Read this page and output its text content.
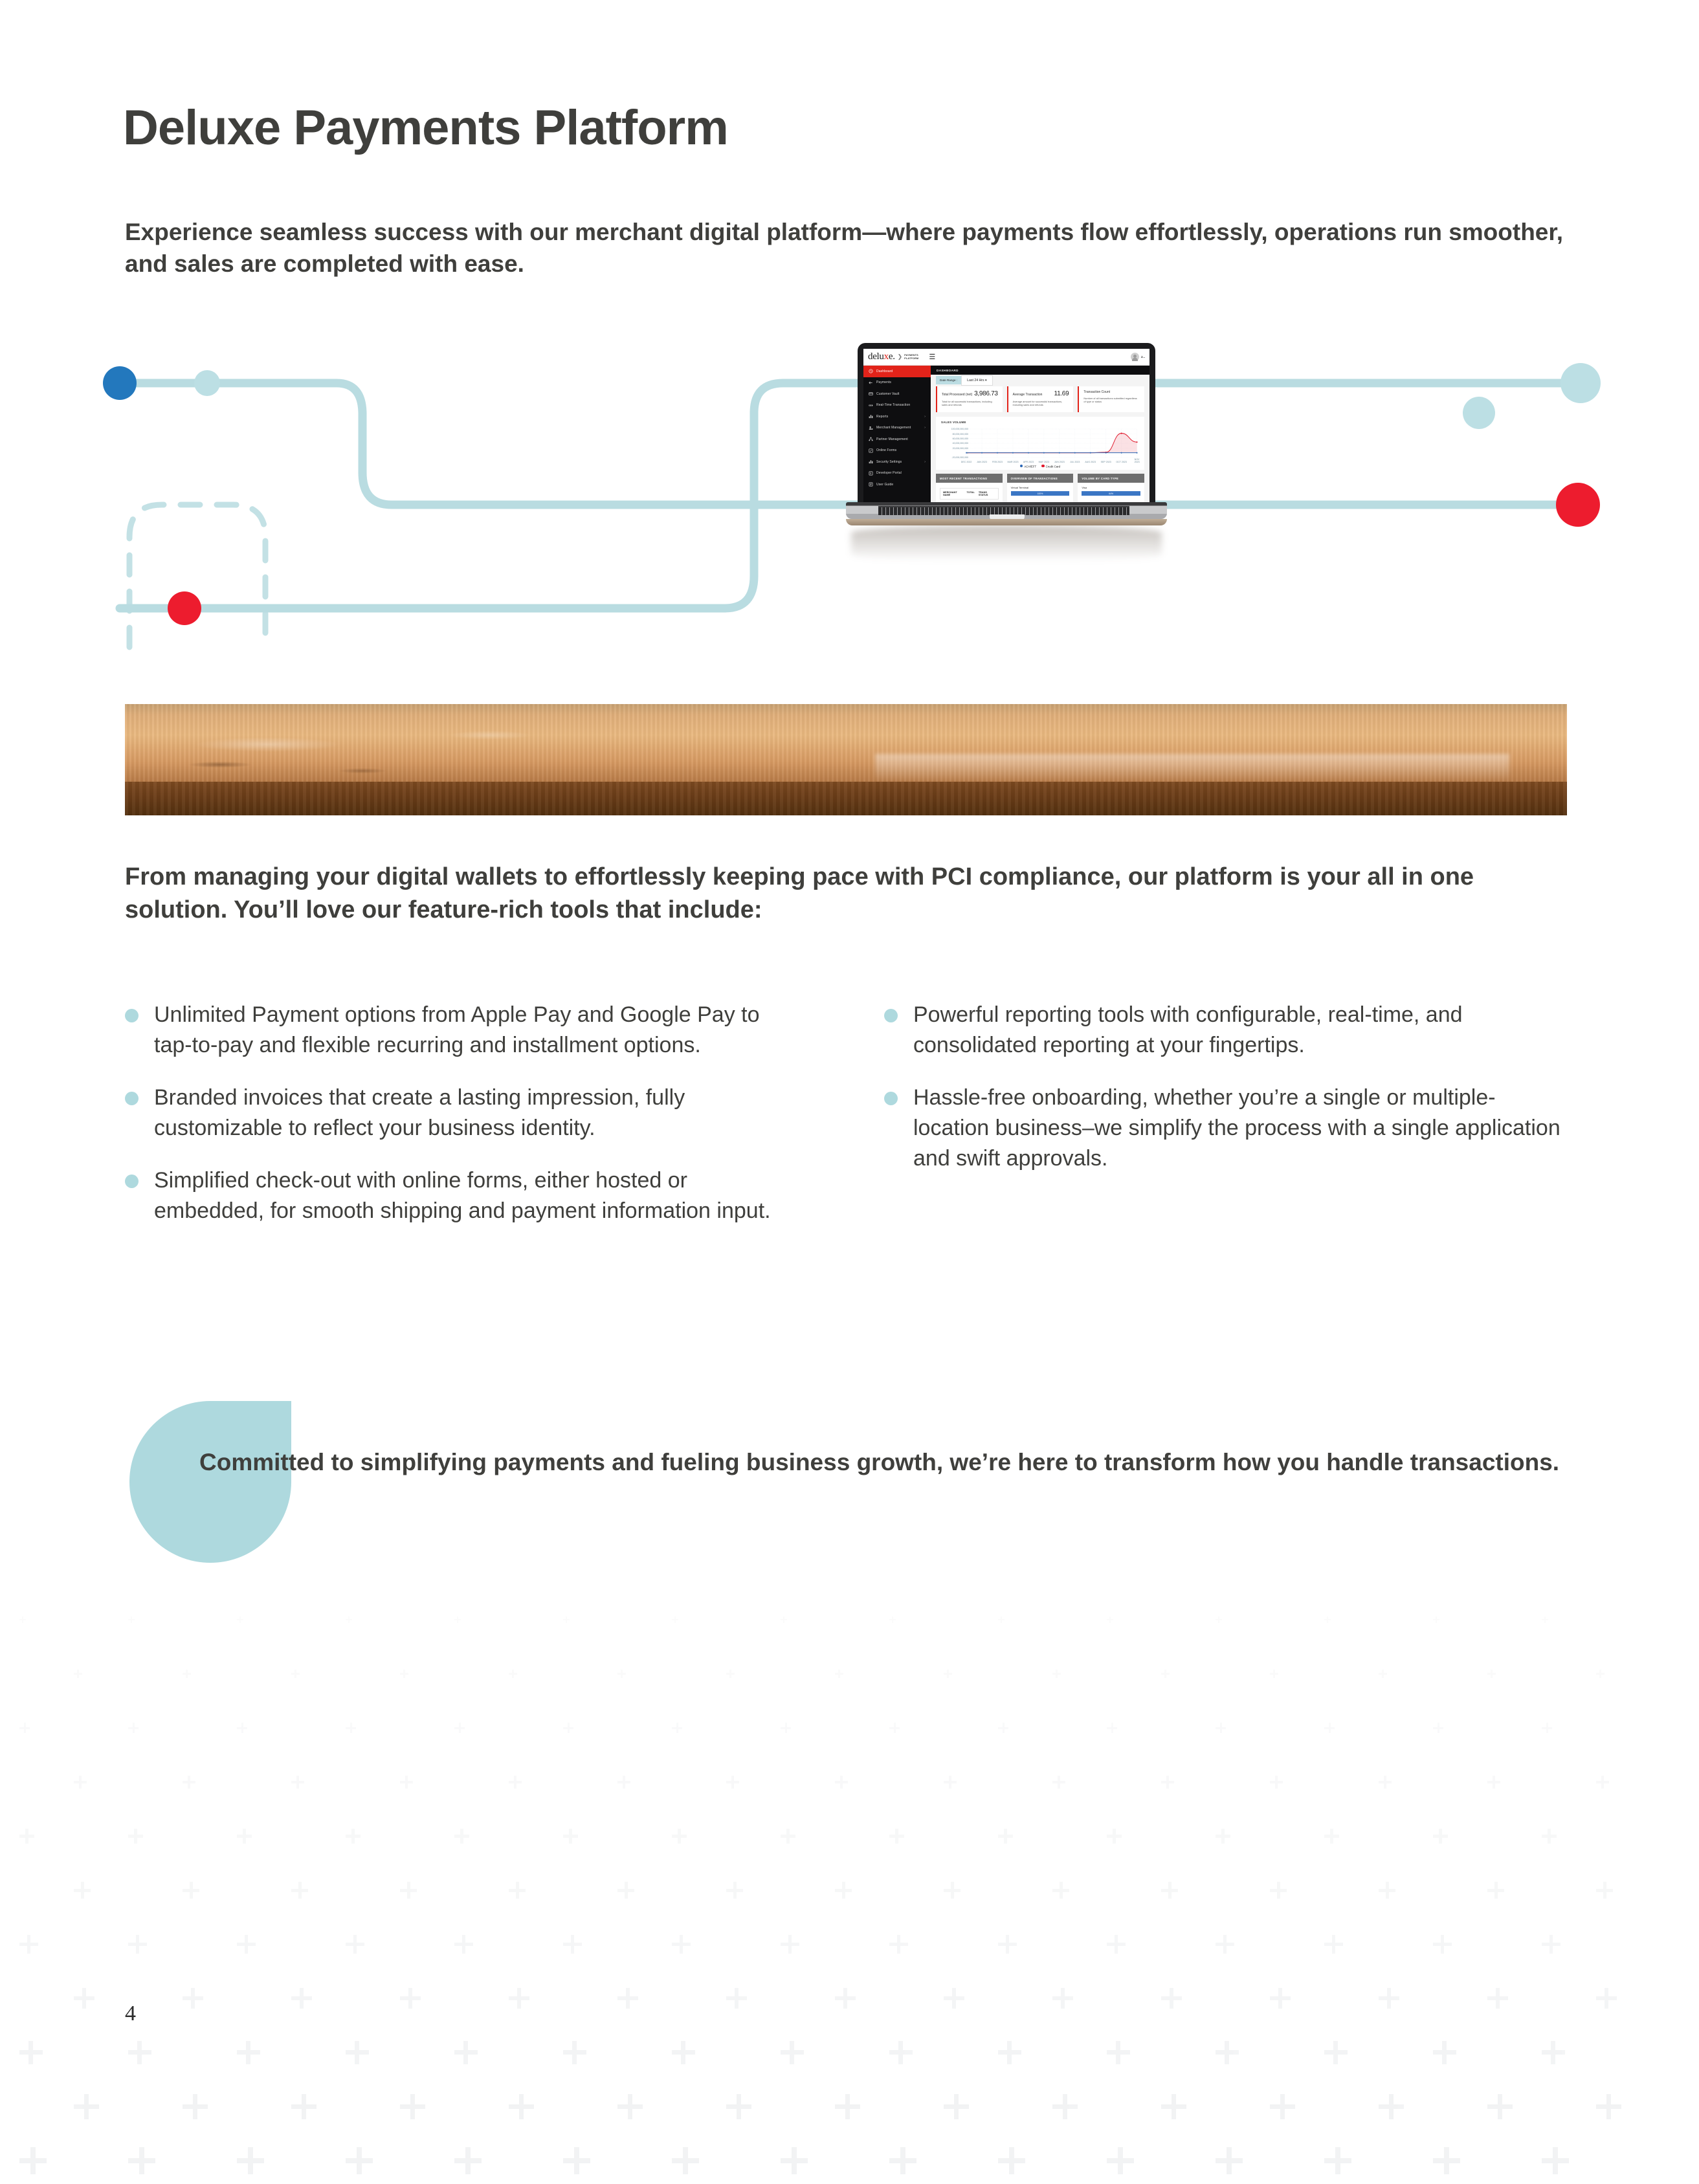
Deluxe Payments Platform

Experience seamless success with our merchant digital platform—where payments flow effortlessly, operations run smoother, and sales are completed with ease.

deluxe. ❯ PAYMENTS
PLATFORM ☰	J...
Dashboard
Payments
Customer Vault
Real-Time Transaction
Reports	›
Merchant Management	›
Partner Management
Online Forms
Security Settings	›
Developer Portal
User Guide
DASHBOARD
Date Range :	Last 24 Hrs ▾
Total Processed (net) 3,986.73
Total for all successful transactions, including sales and refunds
Average Transaction 11.69
Average amount for successful transactions, including sales and refunds
Transaction Count
Number of all transactions submitted regardless of type or status
SALES VOLUME
100,000,000,000
80,000,000,000
60,000,000,000
40,000,000,000
20,000,000,000
0
-20,000,000,000
DEC 2022 JAN 2023 FEB 2023 MAR 2023 APR 2023 MAY 2023 JUN 2023 JUL 2023 AUG 2023 SEP 2023 OCT 2023
NOV 2023
ACH/EFT	Credit Card
MOST RECENT TRANSACTIONS
MERCHANT NAME
TOTAL TRANS STATUS
OVERVIEW OF TRANSACTIONS
Virtual Terminal
100%
VOLUME BY CARD TYPE
Visa
64%

From managing your digital wallets to effortlessly keeping pace with PCI compliance, our platform is your all in one solution. You’ll love our feature-rich tools that include:

Unlimited Payment options from Apple Pay and Google Pay to tap-to-pay and flexible recurring and installment options.
Branded invoices that create a lasting impression, fully customizable to reflect your business identity.
Simplified check-out with online forms, either hosted or embedded, for smooth shipping and payment information input.
Powerful reporting tools with configurable, real-time, and consolidated reporting at your fingertips.
Hassle-free onboarding, whether you’re a single or multiple-location business–we simplify the process with a single application and swift approvals.

Committed to simplifying payments and fueling business growth, we’re here to transform how you handle transactions.

4
